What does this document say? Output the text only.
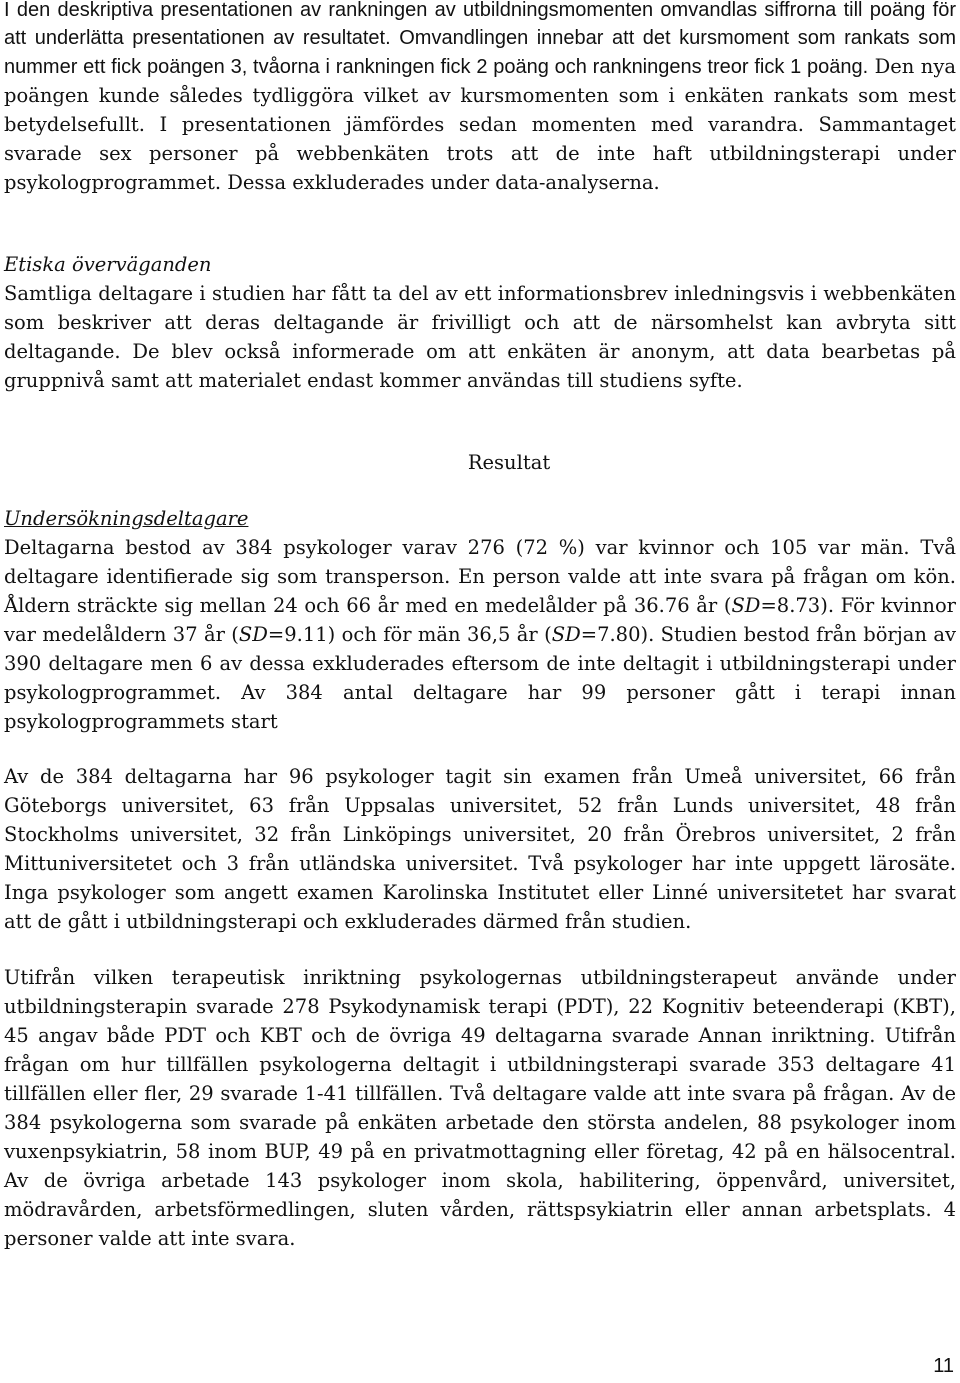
I den deskriptiva presentationen av rankningen av utbildningsmomenten omvandlas siffrorna till poäng för att underlätta presentationen av resultatet. Omvandlingen innebar att det kursmoment som rankats som nummer ett fick poängen 3, tvåorna i rankningen fick 2 poäng och rankningens treor fick 1 poäng. Den nya poängen kunde således tydliggöra vilket av kursmomenten som i enkäten rankats som mest betydelsefullt. I presentationen jämfördes sedan momenten med varandra. Sammantaget svarade sex personer på webbenkäten trots att de inte haft utbildningsterapi under psykologprogrammet. Dessa exkluderades under data-analyserna.

Etiska överväganden

Samtliga deltagare i studien har fått ta del av ett informationsbrev inledningsvis i webbenkäten som beskriver att deras deltagande är frivilligt och att de närsomhelst kan avbryta sitt deltagande. De blev också informerade om att enkäten är anonym, att data bearbetas på gruppnivå samt att materialet endast kommer användas till studiens syfte.

Resultat
Undersökningsdeltagare

Deltagarna bestod av 384 psykologer varav 276 (72 %) var kvinnor och 105 var män. Två deltagare identifierade sig som transperson. En person valde att inte svara på frågan om kön. Åldern sträckte sig mellan 24 och 66 år med en medelålder på 36.76 år (SD=8.73). För kvinnor var medelåldern 37 år (SD=9.11) och för män 36,5 år (SD=7.80). Studien bestod från början av 390 deltagare men 6 av dessa exkluderades eftersom de inte deltagit i utbildningsterapi under psykologprogrammet. Av 384 antal deltagare har 99 personer gått i terapi innan psykologprogrammets start

Av de 384 deltagarna har 96 psykologer tagit sin examen från Umeå universitet, 66 från Göteborgs universitet, 63 från Uppsalas universitet, 52 från Lunds universitet, 48 från Stockholms universitet, 32 från Linköpings universitet, 20 från Örebros universitet, 2 från Mittuniversitetet och 3 från utländska universitet. Två psykologer har inte uppgett lärosäte. Inga psykologer som angett examen Karolinska Institutet eller Linné universitetet har svarat att de gått i utbildningsterapi och exkluderades därmed från studien.

Utifrån vilken terapeutisk inriktning psykologernas utbildningsterapeut använde under utbildningsterapin svarade 278 Psykodynamisk terapi (PDT), 22 Kognitiv beteenderapi (KBT), 45 angav både PDT och KBT och de övriga 49 deltagarna svarade Annan inriktning. Utifrån frågan om hur tillfällen psykologerna deltagit i utbildningsterapi svarade 353 deltagare 41 tillfällen eller fler, 29 svarade 1-41 tillfällen. Två deltagare valde att inte svara på frågan. Av de 384 psykologerna som svarade på enkäten arbetade den största andelen, 88 psykologer inom vuxenpsykiatrin, 58 inom BUP, 49 på en privatmottagning eller företag, 42 på en hälsocentral. Av de övriga arbetade 143 psykologer inom skola, habilitering, öppenvård, universitet, mödravården, arbetsförmedlingen, sluten vården, rättspsykiatrin eller annan arbetsplats. 4 personer valde att inte svara.

11
